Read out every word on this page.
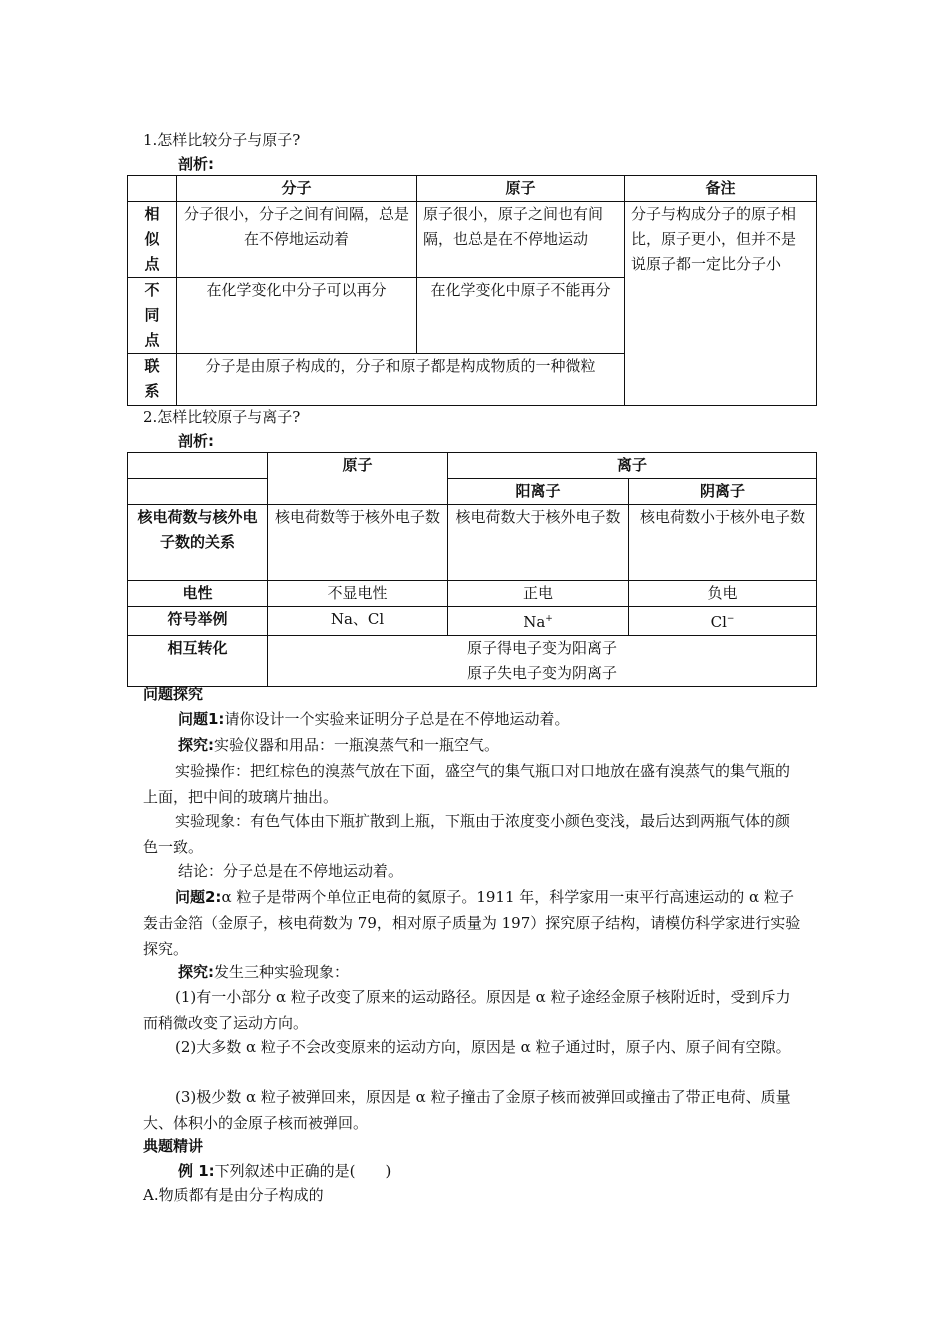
1.怎样比较分子与原子?
剖析:
	分子	原子	备注
相
似
点	分子很小，分子之间有间隔，总是在不停地运动着	原子很小，原子之间也有间隔，也总是在不停地运动	分子与构成分子的原子相比，原子更小，但并不是说原子都一定比分子小
不
同
点	在化学变化中分子可以再分	在化学变化中原子不能再分	
联
系	分子是由原子构成的，分子和原子都是构成物质的一种微粒		
2.怎样比较原子与离子?
剖析:
	原子	离子	
		阳离子	阴离子
核电荷数与核外电子数的关系	核电荷数等于核外电子数	核电荷数大于核外电子数	核电荷数小于核外电子数
电性	不显电性	正电	负电
符号举例	Na、Cl	Na+	Cl−
相互转化	原子得电子变为阳离子
原子失电子变为阴离子		
问题探究
问题1:请你设计一个实验来证明分子总是在不停地运动着。
探究:实验仪器和用品：一瓶溴蒸气和一瓶空气。
实验操作：把红棕色的溴蒸气放在下面，盛空气的集气瓶口对口地放在盛有溴蒸气的集气瓶的上面，把中间的玻璃片抽出。
实验现象：有色气体由下瓶扩散到上瓶，下瓶由于浓度变小颜色变浅，最后达到两瓶气体的颜色一致。
结论：分子总是在不停地运动着。
问题2:α 粒子是带两个单位正电荷的氦原子。1911 年，科学家用一束平行高速运动的 α 粒子轰击金箔（金原子，核电荷数为 79，相对原子质量为 197）探究原子结构，请模仿科学家进行实验探究。
探究:发生三种实验现象：
(1)有一小部分 α 粒子改变了原来的运动路径。原因是 α 粒子途经金原子核附近时，受到斥力而稍微改变了运动方向。
(2)大多数 α 粒子不会改变原来的运动方向，原因是 α 粒子通过时，原子内、原子间有空隙。
(3)极少数 α 粒子被弹回来，原因是 α 粒子撞击了金原子核而被弹回或撞击了带正电荷、质量大、体积小的金原子核而被弹回。
典题精讲
例 1:下列叙述中正确的是(　　)
A.物质都有是由分子构成的
